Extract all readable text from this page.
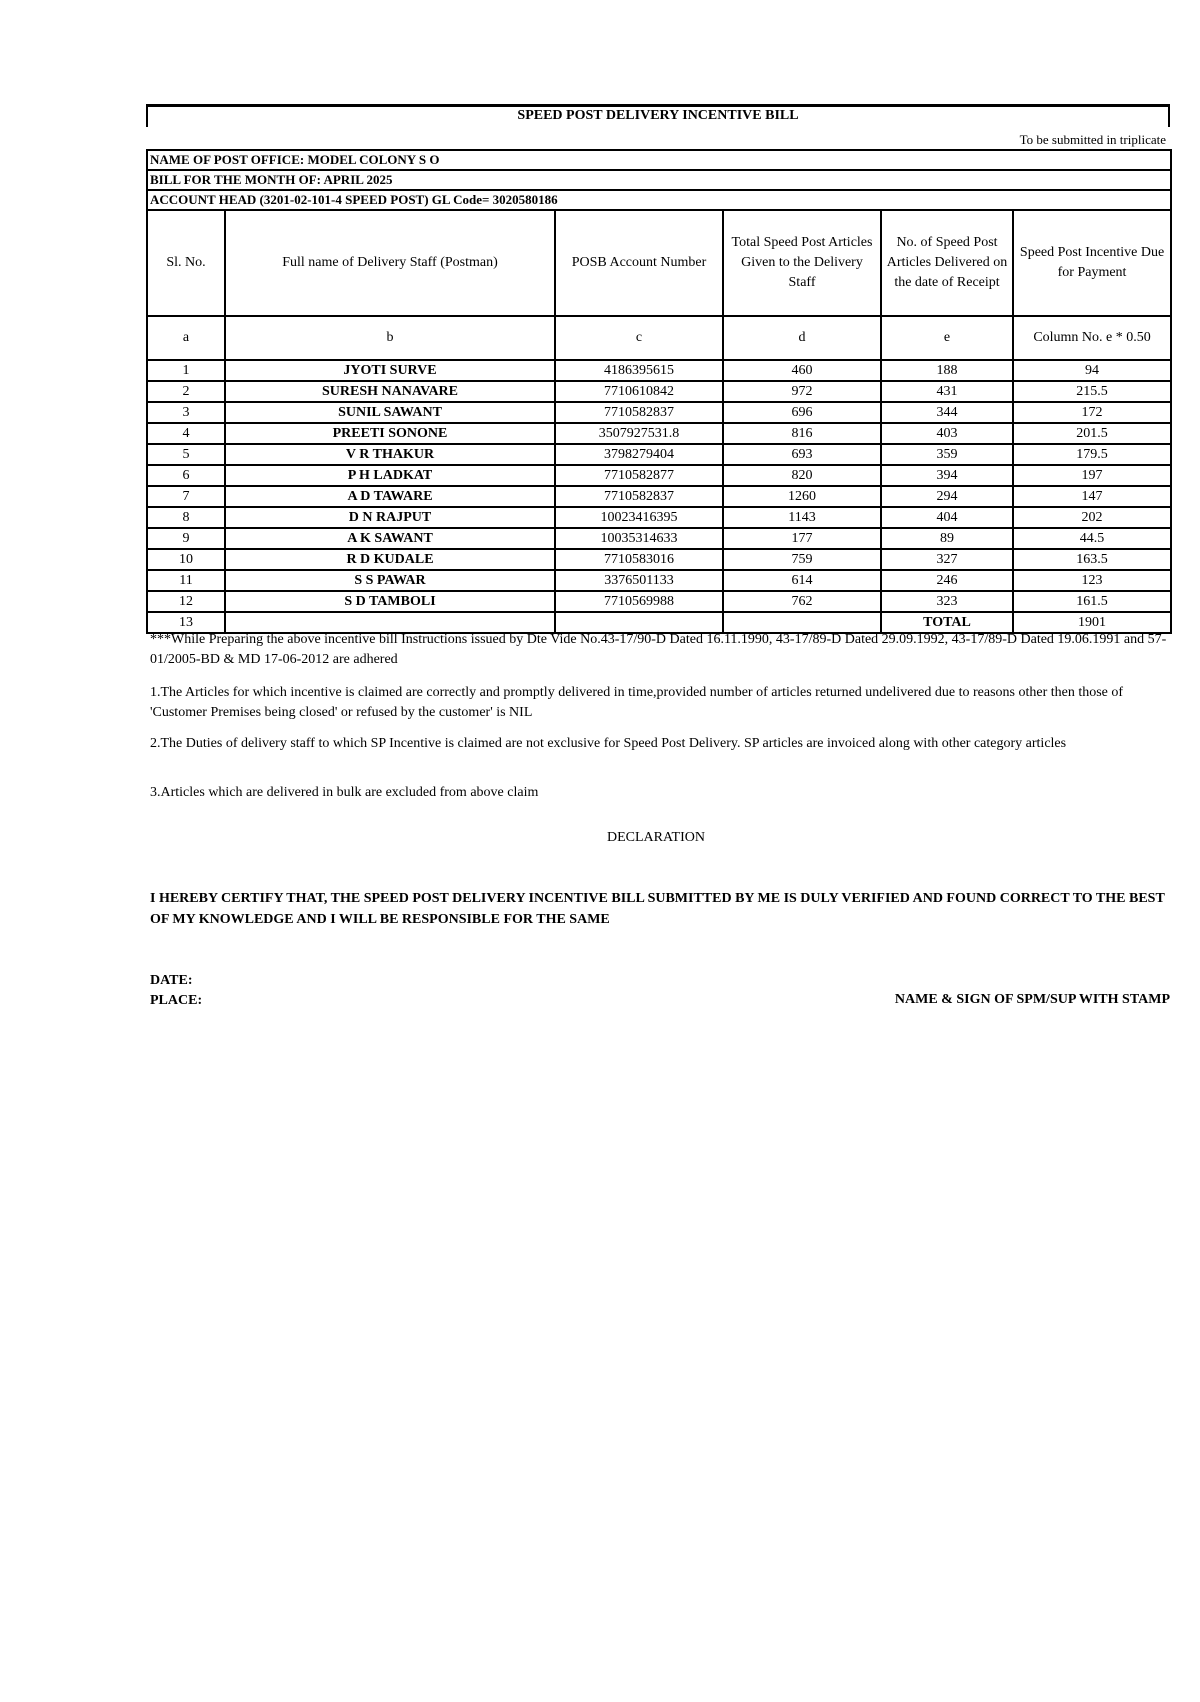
SPEED POST DELIVERY INCENTIVE BILL
To be submitted in triplicate
NAME OF POST OFFICE: MODEL COLONY S O					
BILL FOR THE MONTH OF: APRIL 2025					
ACCOUNT HEAD (3201-02-101-4 SPEED POST) GL Code= 3020580186					
Sl. No.	Full name of Delivery Staff (Postman)	POSB Account Number	Total Speed Post Articles Given to the Delivery Staff	No. of Speed Post Articles Delivered on the date of Receipt	Speed Post Incentive Due for Payment
a	b	c	d	e	Column No. e * 0.50
1	JYOTI SURVE	4186395615	460	188	94
2	SURESH NANAVARE	7710610842	972	431	215.5
3	SUNIL SAWANT	7710582837	696	344	172
4	PREETI SONONE	3507927531.8	816	403	201.5
5	V R THAKUR	3798279404	693	359	179.5
6	P H LADKAT	7710582877	820	394	197
7	A D TAWARE	7710582837	1260	294	147
8	D N RAJPUT	10023416395	1143	404	202
9	A K SAWANT	10035314633	177	89	44.5
10	R D KUDALE	7710583016	759	327	163.5
11	S S PAWAR	3376501133	614	246	123
12	S D TAMBOLI	7710569988	762	323	161.5
13				TOTAL	1901
***While Preparing the above incentive bill Instructions issued by Dte Vide No.43-17/90-D Dated 16.11.1990, 43-17/89-D Dated 29.09.1992, 43-17/89-D Dated 19.06.1991 and 57-01/2005-BD & MD 17-06-2012 are adhered
1.The Articles for which incentive is claimed are correctly and promptly delivered in time,provided number of articles returned undelivered due to reasons other then those of 'Customer Premises being closed' or refused by the customer' is NIL
2.The Duties of delivery staff to which SP Incentive is claimed are not exclusive for Speed Post Delivery. SP articles are invoiced along with other category articles
3.Articles which are delivered in bulk are excluded from above claim
DECLARATION
I HEREBY CERTIFY THAT, THE SPEED POST DELIVERY INCENTIVE BILL SUBMITTED BY ME IS DULY VERIFIED AND FOUND CORRECT TO THE BEST OF MY KNOWLEDGE AND I WILL BE RESPONSIBLE FOR THE SAME
DATE:
PLACE:	NAME & SIGN OF SPM/SUP WITH STAMP
